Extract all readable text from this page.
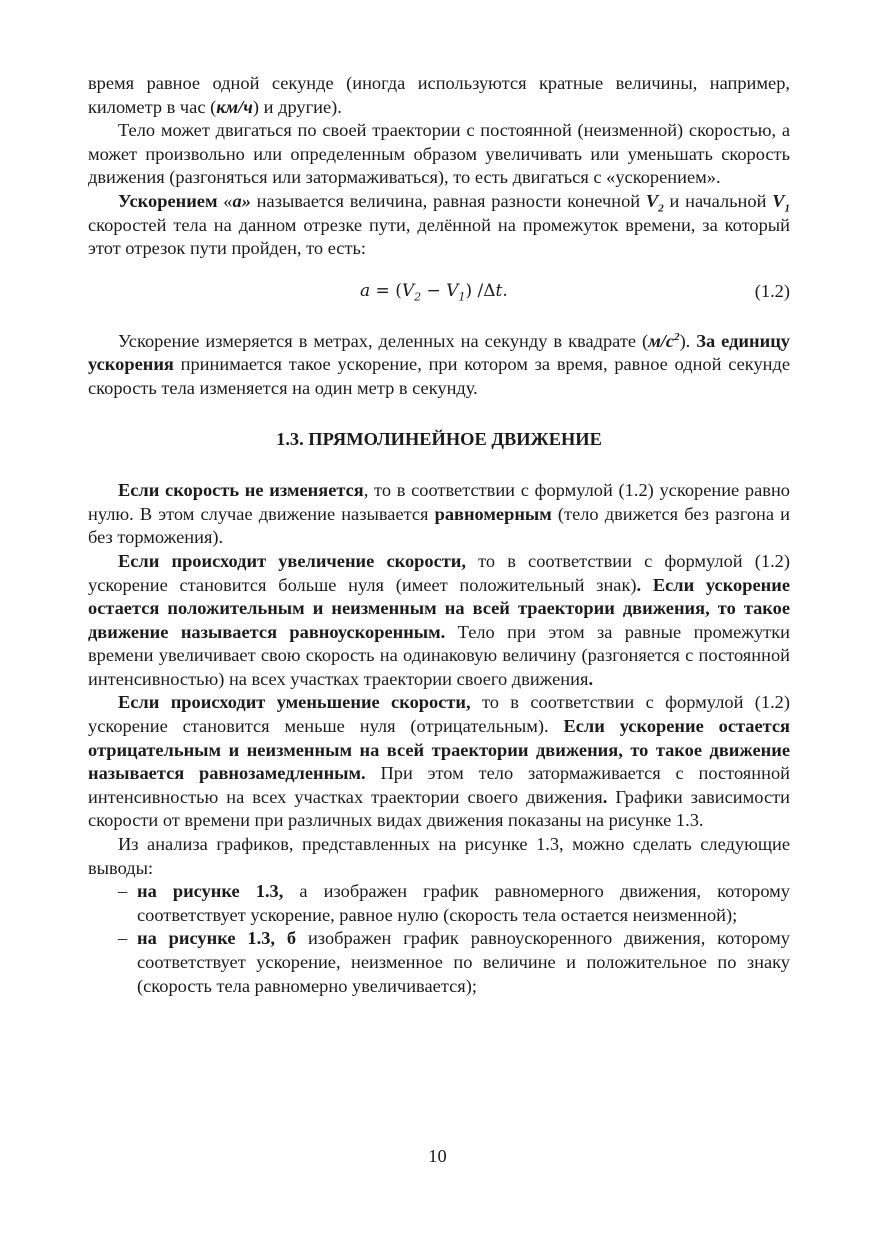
время равное одной секунде (иногда используются кратные величины, например, километр в час (км/ч) и другие).

Тело может двигаться по своей траектории с постоянной (неизменной) скоростью, а может произвольно или определенным образом увеличивать или уменьшать скорость движения (разгоняться или затормаживаться), то есть двигаться с «ускорением».

Ускорением «а» называется величина, равная разности конечной $V_2$ и начальной $V_1$ скоростей тела на данном отрезке пути, делённой на промежуток времени, за который этот отрезок пути пройден, то есть:

$a = (V_2 - V_1)$ /Δt.	(1.2)

Ускорение измеряется в метрах, деленных на секунду в квадрате $(м/с^2)$. За единицу ускорения принимается такое ускорение, при котором за время, равное одной секунде скорость тела изменяется на один метр в секунду.

1.3. ПРЯМОЛИНЕЙНОЕ ДВИЖЕНИЕ

Если скорость не изменяется, то в соответствии с формулой (1.2) ускорение равно нулю. В этом случае движение называется равномерным (тело движется без разгона и без торможения).

Если происходит увеличение скорости, то в соответствии с формулой (1.2) ускорение становится больше нуля (имеет положительный знак). Если ускорение остается положительным и неизменным на всей траектории движения, то такое движение называется равноускоренным. Тело при этом за равные промежутки времени увеличивает свою скорость на одинаковую величину (разгоняется с постоянной интенсивностью) на всех участках траектории своего движения.

Если происходит уменьшение скорости, то в соответствии с формулой (1.2) ускорение становится меньше нуля (отрицательным). Если ускорение остается отрицательным и неизменным на всей траектории движения, то такое движение называется равнозамедленным. При этом тело затормаживается с постоянной интенсивностью на всех участках траектории своего движения. Графики зависимости скорости от времени при различных видах движения показаны на рисунке 1.3.

Из анализа графиков, представленных на рисунке 1.3, можно сделать следующие выводы:

– на рисунке 1.3, а изображен график равномерного движения, которому соответствует ускорение, равное нулю (скорость тела остается неизменной);
– на рисунке 1.3, б изображен график равноускоренного движения, которому соответствует ускорение, неизменное по величине и положительное по знаку (скорость тела равномерно увеличивается);
10
